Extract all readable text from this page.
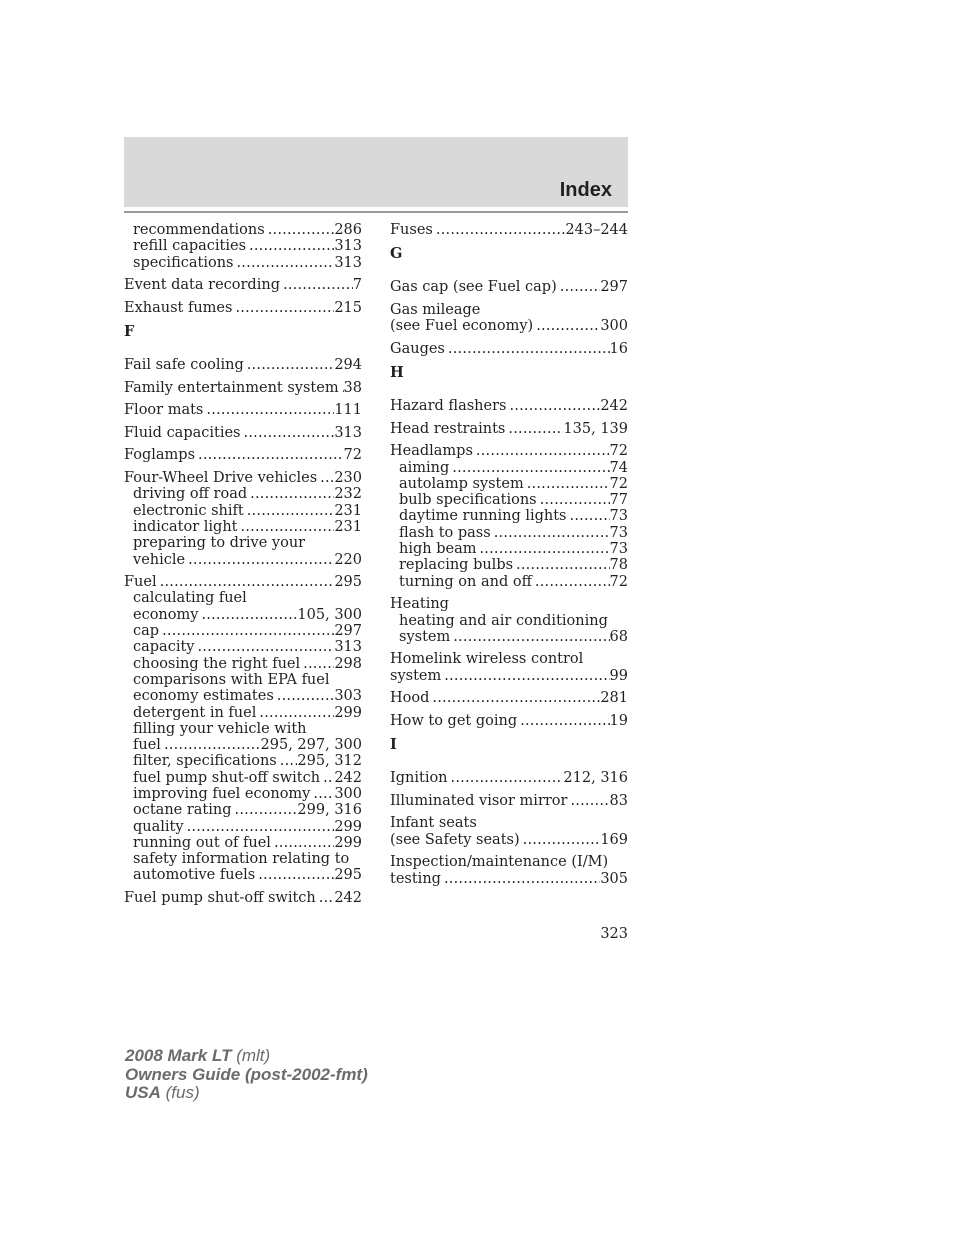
Index
recommendations . . .	286
refill capacities . . .	313
specifications . . .	313
Event data recording . . .	7
Exhaust fumes . . .	215
F
Fail safe cooling . . .	294
Family entertainment system . . . 38
Floor mats . . .	111
Fluid capacities . . .	313
Foglamps . . .	72
Four-Wheel Drive vehicles . . . 230
driving off road . . .	232
electronic shift . . .	231
indicator light . . .	231
preparing to drive your
vehicle . . .	220
Fuel . . .	295
calculating fuel
economy . . .	105, 300
cap . . .	297
capacity . . .	313
choosing the right fuel . . . 298
comparisons with EPA fuel
economy estimates . . .	303
detergent in fuel . . .	299
filling your vehicle with
fuel . . .	295, 297, 300
filter, specifications . . . 295, 312
fuel pump shut-off switch . . . 242
improving fuel economy . . . 300
octane rating . . .	299, 316
quality . . .	299
running out of fuel . . .	299
safety information relating to
automotive fuels . . .	295
Fuel pump shut-off switch . . . 242
Fuses . . .	243–244
G
Gas cap (see Fuel cap) . . .	297
Gas mileage
(see Fuel economy) . . .	300
Gauges . . .	16
H
Hazard flashers . . .	242
Head restraints . . .	135, 139
Headlamps . . .	72
aiming . . .	74
autolamp system . . .	72
bulb specifications . . .	77
daytime running lights . . .	73
flash to pass . . .	73
high beam . . .	73
replacing bulbs . . .	78
turning on and off . . .	72
Heating
heating and air conditioning
system . . .	68
Homelink wireless control
system . . .	99
Hood . . .	281
How to get going . . .	19
I
Ignition . . .	212, 316
Illuminated visor mirror . . .	83
Infant seats
(see Safety seats) . . .	169
Inspection/maintenance (I/M)
testing . . .	305
323
2008 Mark LT (mlt)
Owners Guide (post-2002-fmt)
USA (fus)
